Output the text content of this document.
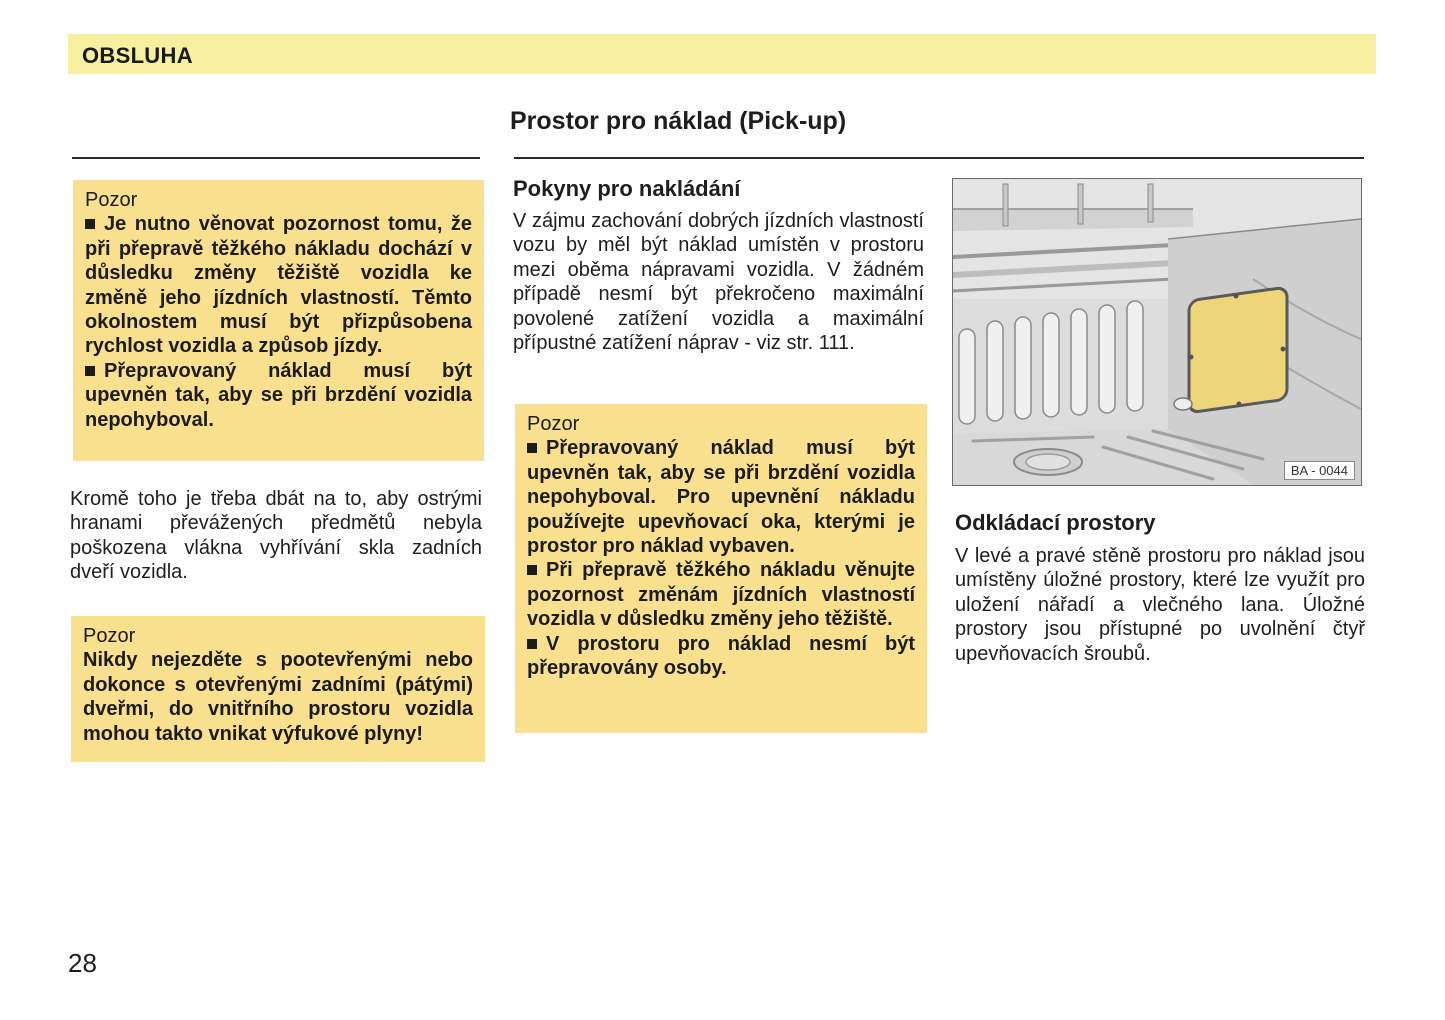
OBSLUHA
Prostor pro náklad (Pick-up)
Pozor

Je nutno věnovat pozornost tomu, že při přepravě těžkého nákladu dochází v důsledku změny těžiště vozidla ke změně jeho jízdních vlastností. Těmto okolnostem musí být přizpůsobena rychlost vozidla a způsob jízdy.

Přepravovaný náklad musí být upevněn tak, aby se při brzdění vozidla nepohyboval.

Kromě toho je třeba dbát na to, aby ostrými hranami převážených předmětů nebyla poškozena vlákna vyhřívání skla zadních dveří vozidla.

Pozor
Nikdy nejezděte s pootevřenými nebo dokonce s otevřenými zadními (pátými) dveřmi, do vnitřního prostoru vozidla mohou takto vnikat výfukové plyny!
Pokyny pro nakládání

V zájmu zachování dobrých jízdních vlastností vozu by měl být náklad umístěn v prostoru mezi oběma nápravami vozidla. V žádném případě nesmí být překročeno maximální povolené zatížení vozidla a maximální přípustné zatížení náprav - viz str. 111.

Pozor

Přepravovaný náklad musí být upevněn tak, aby se při brzdění vozidla nepohyboval. Pro upevnění nákladu používejte upevňovací oka, kterými je prostor pro náklad vybaven.

Při přepravě těžkého nákladu věnujte pozornost změnám jízdních vlastností vozidla v důsledku změny jeho těžiště.

V prostoru pro náklad nesmí být přepravovány osoby.

BA - 0044
Odkládací prostory

V levé a pravé stěně prostoru pro náklad jsou umístěny úložné prostory, které lze využít pro uložení nářadí a vlečného lana. Úložné prostory jsou přístupné po uvolnění čtyř upevňovacích šroubů.

28
